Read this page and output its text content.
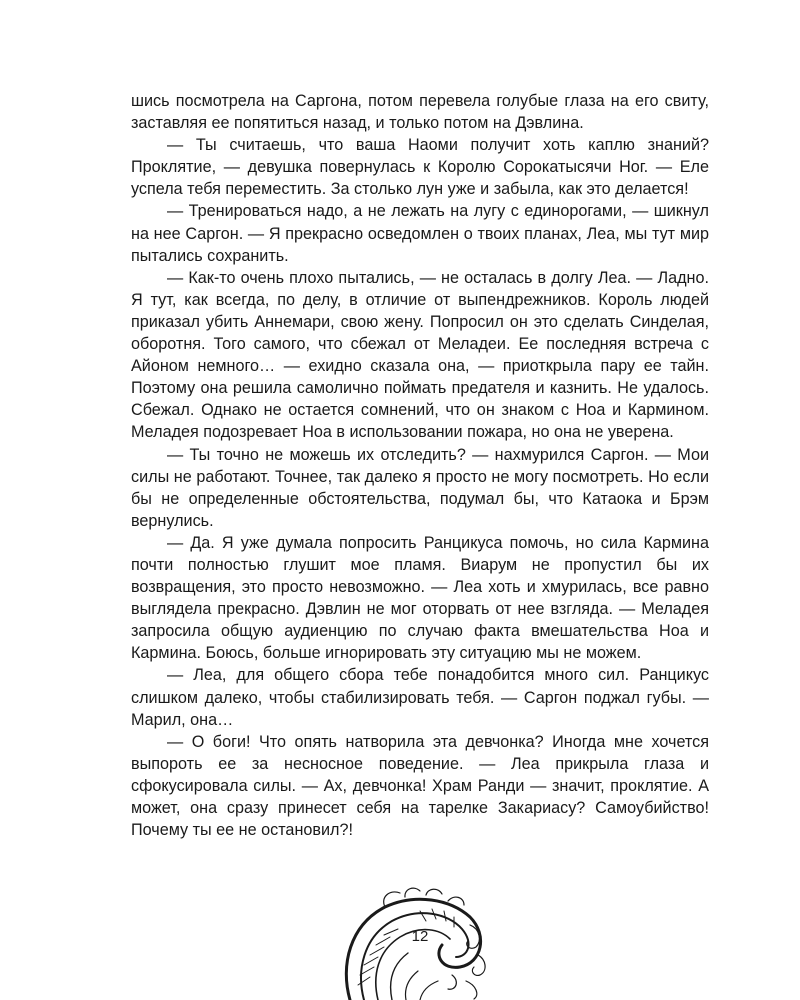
шись посмотрела на Саргона, потом перевела голубые глаза на его свиту, заставляя ее попятиться назад, и только потом на Дэвлина.

— Ты считаешь, что ваша Наоми получит хоть каплю знаний? Проклятие, — девушка повернулась к Королю Сорокатысячи Ног. — Еле успела тебя переместить. За столько лун уже и забыла, как это делается!

— Тренироваться надо, а не лежать на лугу с единорогами, — шикнул на нее Саргон. — Я прекрасно осведомлен о твоих планах, Леа, мы тут мир пытались сохранить.

— Как-то очень плохо пытались, — не осталась в долгу Леа. — Ладно. Я тут, как всегда, по делу, в отличие от выпендрежников. Король людей приказал убить Аннемари, свою жену. Попросил он это сделать Синделая, оборотня. Того самого, что сбежал от Меладеи. Ее последняя встреча с Айоном немного… — ехидно сказала она, — приоткрыла пару ее тайн. Поэтому она решила самолично поймать предателя и казнить. Не удалось. Сбежал. Однако не остается сомнений, что он знаком с Ноа и Кармином. Меладея подозревает Ноа в использовании пожара, но она не уверена.

— Ты точно не можешь их отследить? — нахмурился Саргон. — Мои силы не работают. Точнее, так далеко я просто не могу посмотреть. Но если бы не определенные обстоятельства, подумал бы, что Катаока и Брэм вернулись.

— Да. Я уже думала попросить Ранцикуса помочь, но сила Кармина почти полностью глушит мое пламя. Виарум не пропустил бы их возвращения, это просто невозможно. — Леа хоть и хмурилась, все равно выглядела прекрасно. Дэвлин не мог оторвать от нее взгляда. — Меладея запросила общую аудиенцию по случаю факта вмешательства Ноа и Кармина. Боюсь, больше игнорировать эту ситуацию мы не можем.

— Леа, для общего сбора тебе понадобится много сил. Ранцикус слишком далеко, чтобы стабилизировать тебя. — Саргон поджал губы. — Марил, она…

— О боги! Что опять натворила эта девчонка? Иногда мне хочется выпороть ее за несносное поведение. — Леа прикрыла глаза и сфокусировала силы. — Ах, девчонка! Храм Ранди — значит, проклятие. А может, она сразу принесет себя на тарелке Закариасу? Самоубийство! Почему ты ее не остановил?!

12
